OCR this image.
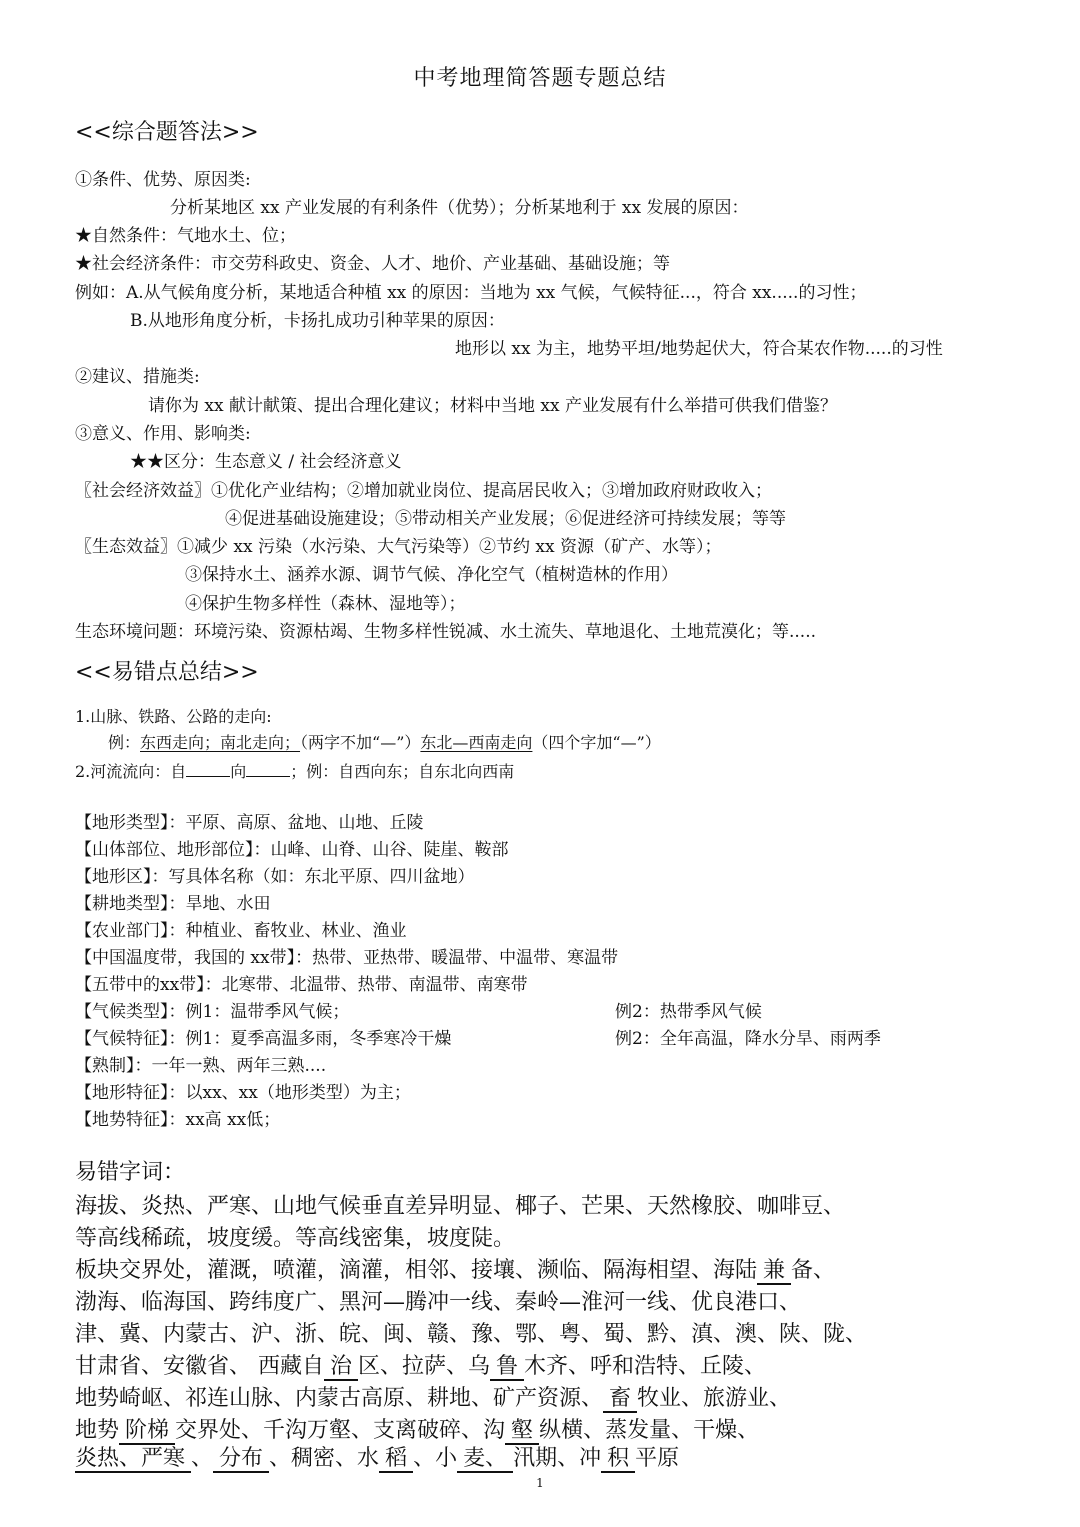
中考地理简答题专题总结
<<综合题答法>>
①条件、优势、原因类:
分析某地区 xx 产业发展的有利条件（优势）；分析某地利于 xx 发展的原因：
★自然条件：气地水土、位；
★社会经济条件：市交劳科政史、资金、人才、地价、产业基础、基础设施；等
例如：A.从气候角度分析，某地适合种植 xx 的原因：当地为 xx 气候，气候特征...，符合 xx.....的习性；
B.从地形角度分析，卡扬扎成功引种苹果的原因：
地形以 xx 为主，地势平坦/地势起伏大，符合某农作物.....的习性
②建议、措施类:
请你为 xx 献计献策、提出合理化建议；材料中当地 xx 产业发展有什么举措可供我们借鉴？
③意义、作用、影响类:
★★区分：生态意义 / 社会经济意义
〖社会经济效益〗①优化产业结构；②增加就业岗位、提高居民收入；③增加政府财政收入；
④促进基础设施建设；⑤带动相关产业发展；⑥促进经济可持续发展；等等
〖生态效益〗①减少 xx 污染（水污染、大气污染等）②节约 xx 资源（矿产、水等）；
③保持水土、涵养水源、调节气候、净化空气（植树造林的作用）
④保护生物多样性（森林、湿地等）；
生态环境问题：环境污染、资源枯竭、生物多样性锐减、水土流失、草地退化、土地荒漠化；等.....
<<易错点总结>>
1.山脉、铁路、公路的走向:
例：东西走向；南北走向；（两字不加“—”）东北—西南走向（四个字加“—”）
2.河流流向：自	向	；例：自西向东；自东北向西南
【地形类型】：平原、高原、盆地、山地、丘陵
【山体部位、地形部位】：山峰、山脊、山谷、陡崖、鞍部
【地形区】：写具体名称（如：东北平原、四川盆地）
【耕地类型】：旱地、水田
【农业部门】：种植业、畜牧业、林业、渔业
【中国温度带，我国的 xx带】：热带、亚热带、暖温带、中温带、寒温带
【五带中的xx带】：北寒带、北温带、热带、南温带、南寒带
【气候类型】：例1：温带季风气候；	例2：热带季风气候
【气候特征】：例1：夏季高温多雨，冬季寒冷干燥	例2：全年高温，降水分旱、雨两季
【熟制】：一年一熟、两年三熟....
【地形特征】：以xx、xx（地形类型）为主；
【地势特征】：xx高 xx低；
易错字词：
海拔、炎热、严寒、山地气候垂直差异明显、椰子、芒果、天然橡胶、咖啡豆、
等高线稀疏，坡度缓。等高线密集，坡度陡。
板块交界处，灌溉，喷灌，滴灌，相邻、接壤、濒临、隔海相望、海陆 兼 备、
渤海、临海国、跨纬度广、黑河—腾冲一线、秦岭—淮河一线、优良港口、
津、冀、内蒙古、沪、浙、皖、闽、赣、豫、鄂、粤、蜀、黔、滇、澳、陕、陇、
甘肃省、安徽省、 西藏自 治 区、拉萨、乌 鲁 木齐、呼和浩特、丘陵、
地势崎岖、祁连山脉、内蒙古高原、耕地、矿产资源、 畜 牧业、旅游业、
地势 阶梯 交界处、千沟万壑、支离破碎、沟 壑 纵横、蒸发量、干燥、
炎热、严寒 、 分布 、稠密、水 稻 、小 麦、 汛期、冲 积 平原
1
